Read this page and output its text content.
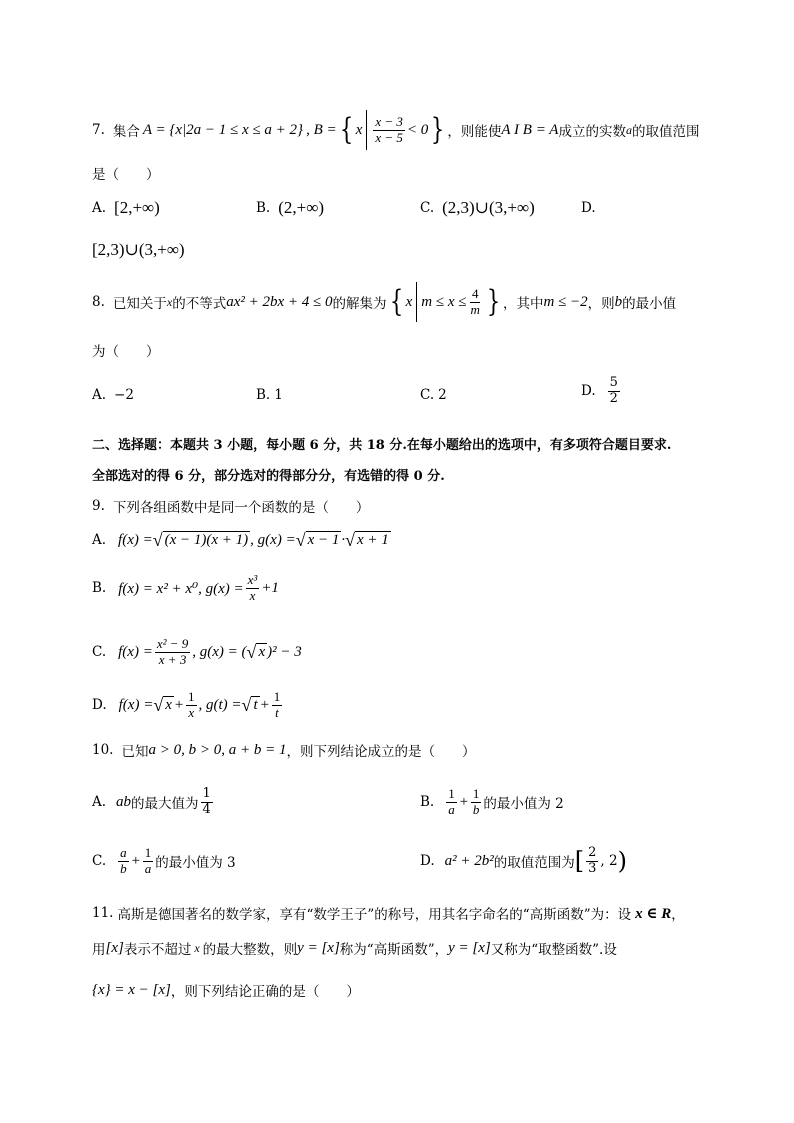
7. 集合 A = {x|2a − 1 ≤ x ≤ a + 2} , B = { x $\frac{x - 3}{x - 5} < 0$ } ，则能使 A I B = A 成立的实数 a 的取值范围
是（　　）
A. [2,+∞)	B. (2,+∞)	C. (2,3)∪(3,+∞)	D.
[2,3)∪(3,+∞)
8. 已知关于 x 的不等式 ax² + 2bx + 4 ≤ 0 的解集为 { x $m \le x \le \frac{4}{m}$ } ，其中 m ≤ −2 ，则 b 的最小值
为（　　）
A. −2	B. 1	C. 2	D. $\frac{5}{2}$
二、选择题：本题共 3 小题，每小题 6 分，共 18 分.在每小题给出的选项中，有多项符合题目要求.
全部选对的得 6 分，部分选对的得部分分，有选错的得 0 分.
9. 下列各组函数中是同一个函数的是（　　）
A. f(x) = √ (x − 1)(x + 1) , g(x) = √ x − 1 · √ x + 1
B. f(x) = x² + x⁰, $g(x) = \frac{\text{x³}}{x} +1$
C. $f(x) = \frac{\text{x² − 9}}{x + 3}$ , g(x) = ( √ x )² − 3
D. f(x) = √ $x + \frac{1}{x}$ , g(t) = √ $t + \frac{1}{t}$
10. 已知 a > 0, b > 0, a + b = 1 ，则下列结论成立的是（　　）
A. ab 的最大值为 $\frac{1}{4}$	B. $\frac{1}{a} + \frac{1}{b}$ 的最小值为 2
C. $\frac{a}{b} + \frac{1}{a}$ 的最小值为 3	D. a² + 2b² 的取值范围为 [ $\frac{2}{3}$ , 2 )
11. 高斯是德国著名的数学家，享有“数学王子”的称号，用其名字命名的“高斯函数”为：设 x ∈ R ，
用 [x] 表示不超过 x 的最大整数，则 y = [x] 称为“高斯函数”， y = [x] 又称为“取整函数”.设
{x} = x − [x] ，则下列结论正确的是（　　）
